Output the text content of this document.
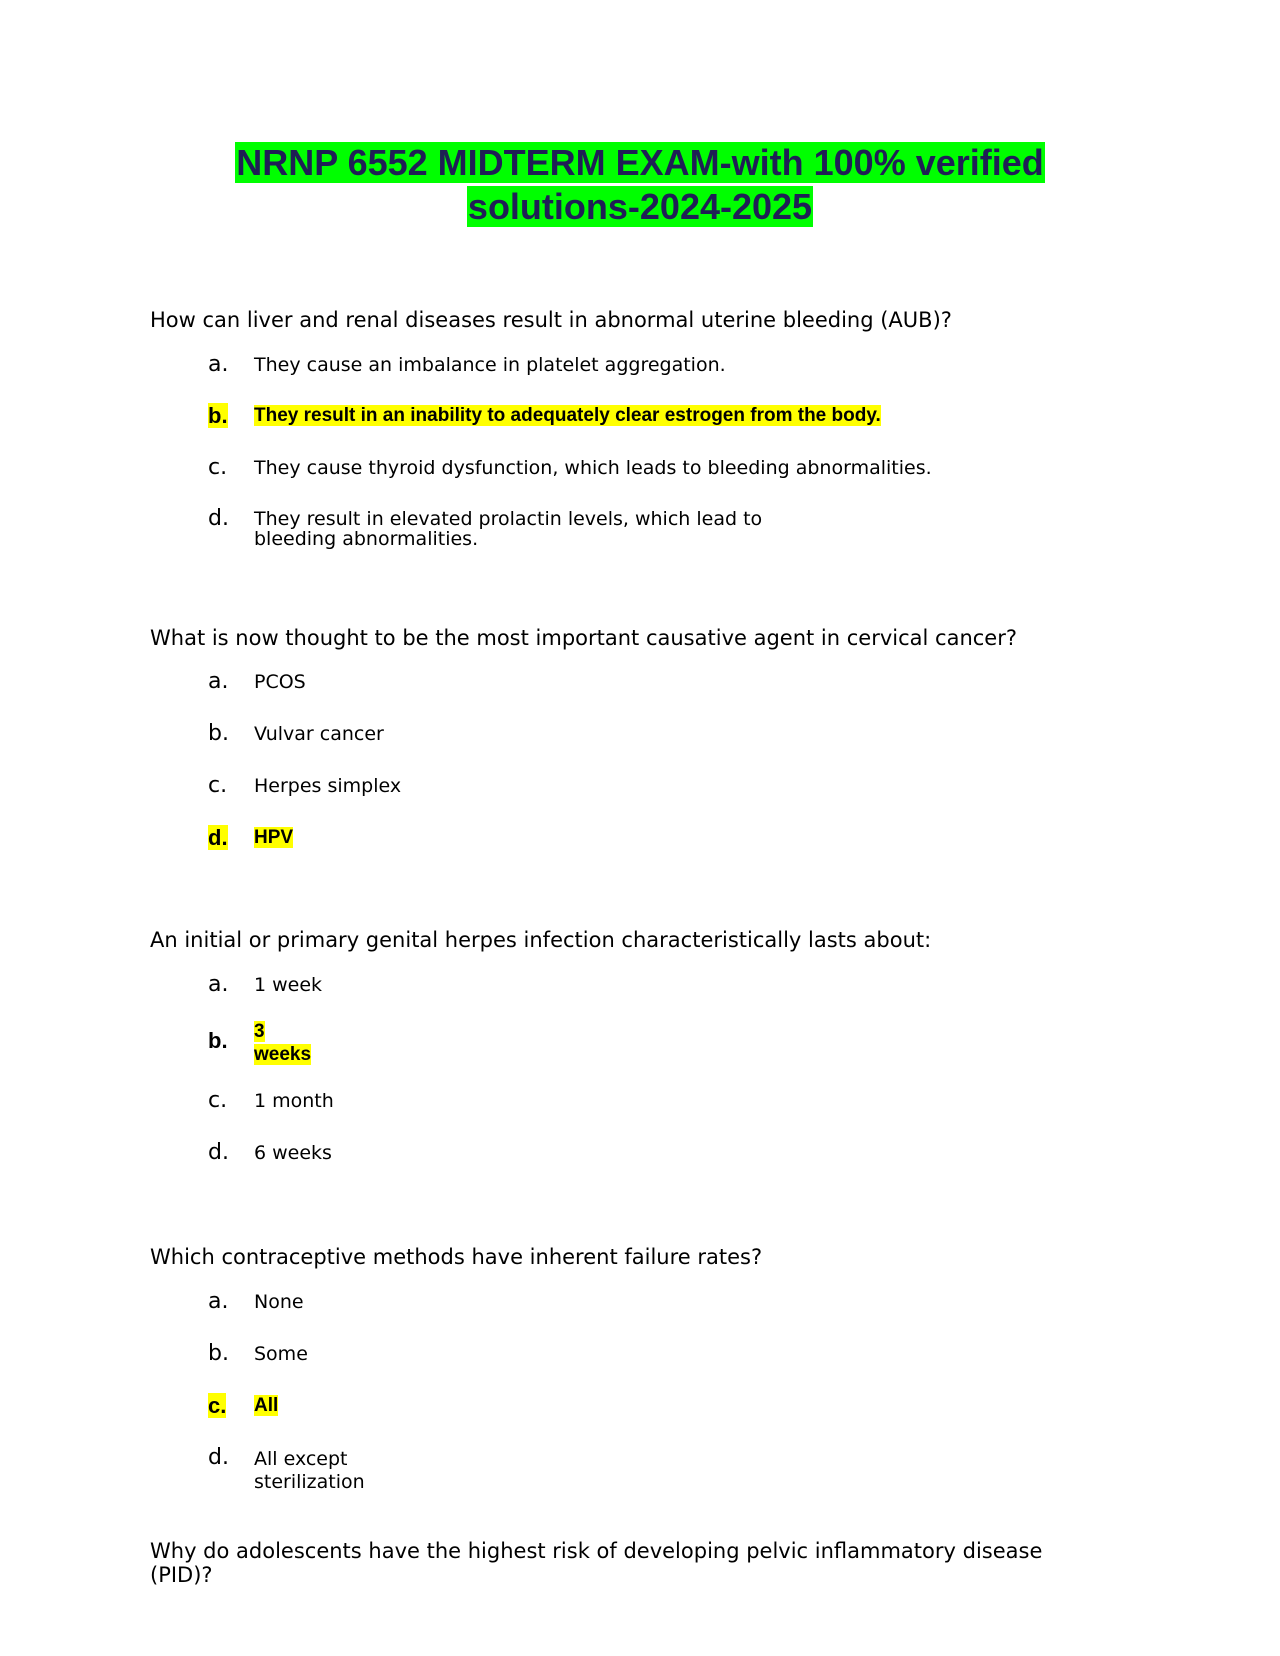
NRNP 6552 MIDTERM EXAM-with 100% verified
solutions-2024-2025

How can liver and renal diseases result in abnormal uterine bleeding (AUB)?

a.	They cause an imbalance in platelet aggregation.
b.	They result in an inability to adequately clear estrogen from the body.
c.	They cause thyroid dysfunction, which leads to bleeding abnormalities.
d.	They result in elevated prolactin levels, which lead to
bleeding abnormalities.

What is now thought to be the most important causative agent in cervical cancer?

a.	PCOS
b.	Vulvar cancer
c.	Herpes simplex
d.	HPV

An initial or primary genital herpes infection characteristically lasts about:

a.	1 week
b.	3
weeks
c.	1 month
d.	6 weeks

Which contraceptive methods have inherent failure rates?

a.	None
b.	Some
c.	All
d.	All except
sterilization

Why do adolescents have the highest risk of developing pelvic inflammatory disease
(PID)?
